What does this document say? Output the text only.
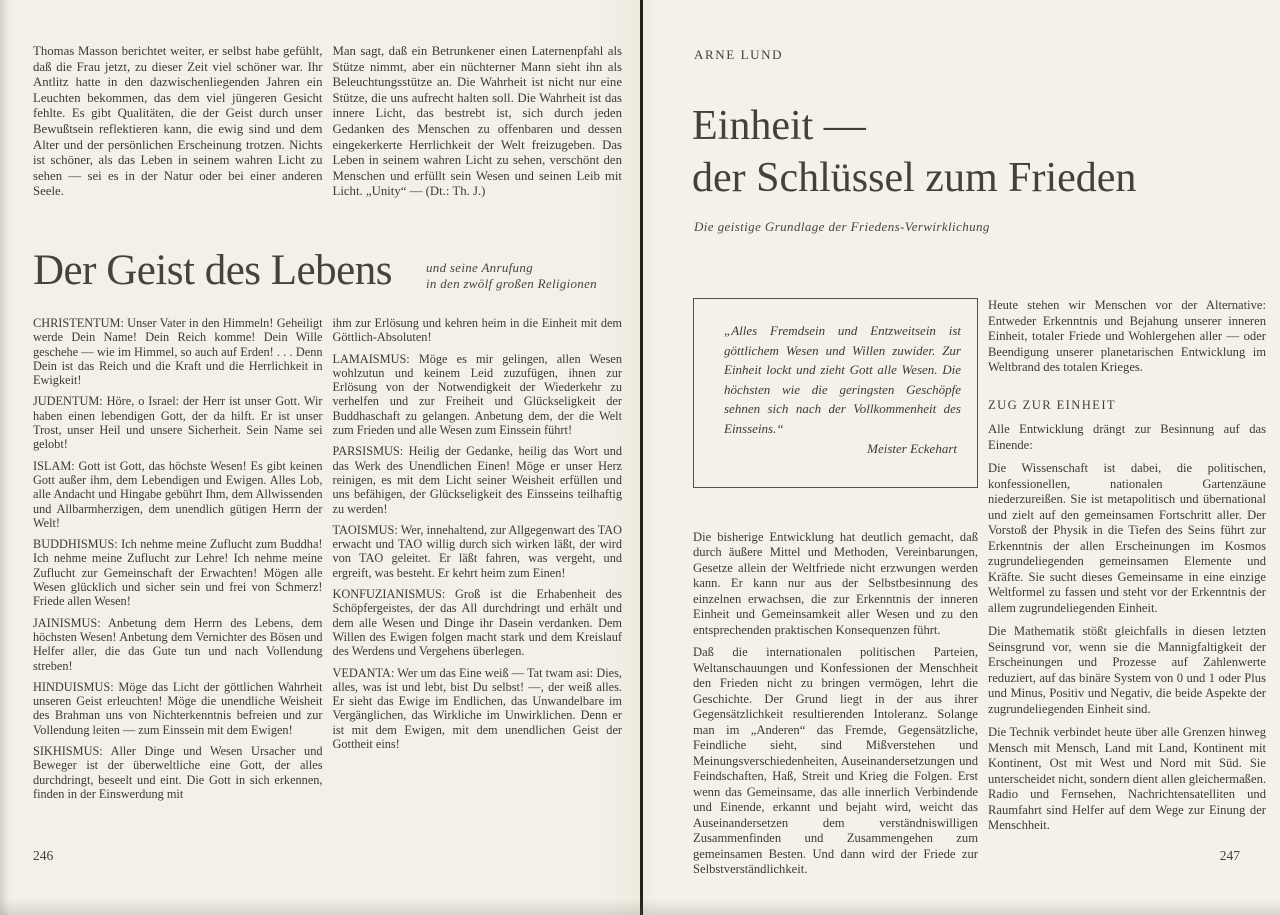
Thomas Masson berichtet weiter, er selbst habe gefühlt, daß die Frau jetzt, zu dieser Zeit viel schöner war. Ihr Antlitz hatte in den dazwischenliegenden Jahren ein Leuchten bekommen, das dem viel jüngeren Gesicht fehlte. Es gibt Qualitäten, die der Geist durch unser Bewußtsein reflektieren kann, die ewig sind und dem Alter und der persönlichen Erscheinung trotzen. Nichts ist schöner, als das Leben in seinem wahren Licht zu sehen — sei es in der Natur oder bei einer anderen Seele.

Man sagt, daß ein Betrunkener einen Laternenpfahl als Stütze nimmt, aber ein nüchterner Mann sieht ihn als Beleuchtungsstütze an. Die Wahrheit ist nicht nur eine Stütze, die uns aufrecht halten soll. Die Wahrheit ist das innere Licht, das bestrebt ist, sich durch jeden Gedanken des Menschen zu offenbaren und dessen eingekerkerte Herrlichkeit der Welt freizugeben. Das Leben in seinem wahren Licht zu sehen, verschönt den Menschen und erfüllt sein Wesen und seinen Leib mit Licht. „Unity“ — (Dt.: Th. J.)

Der Geist des Lebens	und seine Anrufung
in den zwölf großen Religionen

CHRISTENTUM: Unser Vater in den Himmeln! Geheiligt werde Dein Name! Dein Reich komme! Dein Wille geschehe — wie im Himmel, so auch auf Erden! . . . Denn Dein ist das Reich und die Kraft und die Herrlichkeit in Ewigkeit!

JUDENTUM: Höre, o Israel: der Herr ist unser Gott. Wir haben einen lebendigen Gott, der da hilft. Er ist unser Trost, unser Heil und unsere Sicherheit. Sein Name sei gelobt!

ISLAM: Gott ist Gott, das höchste Wesen! Es gibt keinen Gott außer ihm, dem Lebendigen und Ewigen. Alles Lob, alle Andacht und Hingabe gebührt Ihm, dem Allwissenden und Allbarmherzigen, dem unendlich gütigen Herrn der Welt!

BUDDHISMUS: Ich nehme meine Zuflucht zum Buddha! Ich nehme meine Zuflucht zur Lehre! Ich nehme meine Zuflucht zur Gemeinschaft der Erwachten! Mögen alle Wesen glücklich und sicher sein und frei von Schmerz! Friede allen Wesen!

JAINISMUS: Anbetung dem Herrn des Lebens, dem höchsten Wesen! Anbetung dem Vernichter des Bösen und Helfer aller, die das Gute tun und nach Vollendung streben!

HINDUISMUS: Möge das Licht der göttlichen Wahrheit unseren Geist erleuchten! Möge die unendliche Weisheit des Brahman uns von Nichterkenntnis befreien und zur Vollendung leiten — zum Einssein mit dem Ewigen!

SIKHISMUS: Aller Dinge und Wesen Ursacher und Beweger ist der überweltliche eine Gott, der alles durchdringt, beseelt und eint. Die Gott in sich erkennen, finden in der Einswerdung mit

ihm zur Erlösung und kehren heim in die Einheit mit dem Göttlich-Absoluten!

LAMAISMUS: Möge es mir gelingen, allen Wesen wohlzutun und keinem Leid zuzufügen, ihnen zur Erlösung von der Notwendigkeit der Wiederkehr zu verhelfen und zur Freiheit und Glückseligkeit der Buddhaschaft zu gelangen. Anbetung dem, der die Welt zum Frieden und alle Wesen zum Einssein führt!

PARSISMUS: Heilig der Gedanke, heilig das Wort und das Werk des Unendlichen Einen! Möge er unser Herz reinigen, es mit dem Licht seiner Weisheit erfüllen und uns befähigen, der Glückseligkeit des Einsseins teilhaftig zu werden!

TAOISMUS: Wer, innehaltend, zur Allgegenwart des TAO erwacht und TAO willig durch sich wirken läßt, der wird von TAO geleitet. Er läßt fahren, was vergeht, und ergreift, was besteht. Er kehrt heim zum Einen!

KONFUZIANISMUS: Groß ist die Erhabenheit des Schöpfergeistes, der das All durchdringt und erhält und dem alle Wesen und Dinge ihr Dasein verdanken. Dem Willen des Ewigen folgen macht stark und dem Kreislauf des Werdens und Vergehens überlegen.

VEDANTA: Wer um das Eine weiß — Tat twam asi: Dies, alles, was ist und lebt, bist Du selbst! —, der weiß alles. Er sieht das Ewige im Endlichen, das Unwandelbare im Vergänglichen, das Wirkliche im Unwirklichen. Denn er ist mit dem Ewigen, mit dem unendlichen Geist der Gottheit eins!

246
ARNE LUND
Einheit —
der Schlüssel zum Frieden
Die geistige Grundlage der Friedens-Verwirklichung

„Alles Fremdsein und Entzweitsein ist göttlichem Wesen und Willen zuwider. Zur Einheit lockt und zieht Gott alle Wesen. Die höchsten wie die geringsten Geschöpfe sehnen sich nach der Vollkommenheit des Einsseins.“

Meister Eckehart

Die bisherige Entwicklung hat deutlich gemacht, daß durch äußere Mittel und Methoden, Vereinbarungen, Gesetze allein der Weltfriede nicht erzwungen werden kann. Er kann nur aus der Selbstbesinnung des einzelnen erwachsen, die zur Erkenntnis der inneren Einheit und Gemeinsamkeit aller Wesen und zu den entsprechenden praktischen Konsequenzen führt.

Daß die internationalen politischen Parteien, Weltanschauungen und Konfessionen der Menschheit den Frieden nicht zu bringen vermögen, lehrt die Geschichte. Der Grund liegt in der aus ihrer Gegensätzlichkeit resultierenden Intoleranz. Solange man im „Anderen“ das Fremde, Gegensätzliche, Feindliche sieht, sind Mißverstehen und Meinungsverschiedenheiten, Auseinandersetzungen und Feindschaften, Haß, Streit und Krieg die Folgen. Erst wenn das Gemeinsame, das alle innerlich Verbindende und Einende, erkannt und bejaht wird, weicht das Auseinandersetzen dem verständniswilligen Zusammenfinden und Zusammengehen zum gemeinsamen Besten. Und dann wird der Friede zur Selbstverständlichkeit.

Heute stehen wir Menschen vor der Alternative: Entweder Erkenntnis und Bejahung unserer inneren Einheit, totaler Friede und Wohlergehen aller — oder Beendigung unserer planetarischen Entwicklung im Weltbrand des totalen Krieges.

ZUG ZUR EINHEIT

Alle Entwicklung drängt zur Besinnung auf das Einende:

Die Wissenschaft ist dabei, die politischen, konfessionellen, nationalen Gartenzäune niederzureißen. Sie ist metapolitisch und übernational und zielt auf den gemeinsamen Fortschritt aller. Der Vorstoß der Physik in die Tiefen des Seins führt zur Erkenntnis der allen Erscheinungen im Kosmos zugrundeliegenden gemeinsamen Elemente und Kräfte. Sie sucht dieses Gemeinsame in eine einzige Weltformel zu fassen und steht vor der Erkenntnis der allem zugrundeliegenden Einheit.

Die Mathematik stößt gleichfalls in diesen letzten Seinsgrund vor, wenn sie die Mannigfaltigkeit der Erscheinungen und Prozesse auf Zahlenwerte reduziert, auf das binäre System von 0 und 1 oder Plus und Minus, Positiv und Negativ, die beide Aspekte der zugrundeliegenden Einheit sind.

Die Technik verbindet heute über alle Grenzen hinweg Mensch mit Mensch, Land mit Land, Kontinent mit Kontinent, Ost mit West und Nord mit Süd. Sie unterscheidet nicht, sondern dient allen gleichermaßen. Radio und Fernsehen, Nachrichtensatelliten und Raumfahrt sind Helfer auf dem Wege zur Einung der Menschheit.

247
